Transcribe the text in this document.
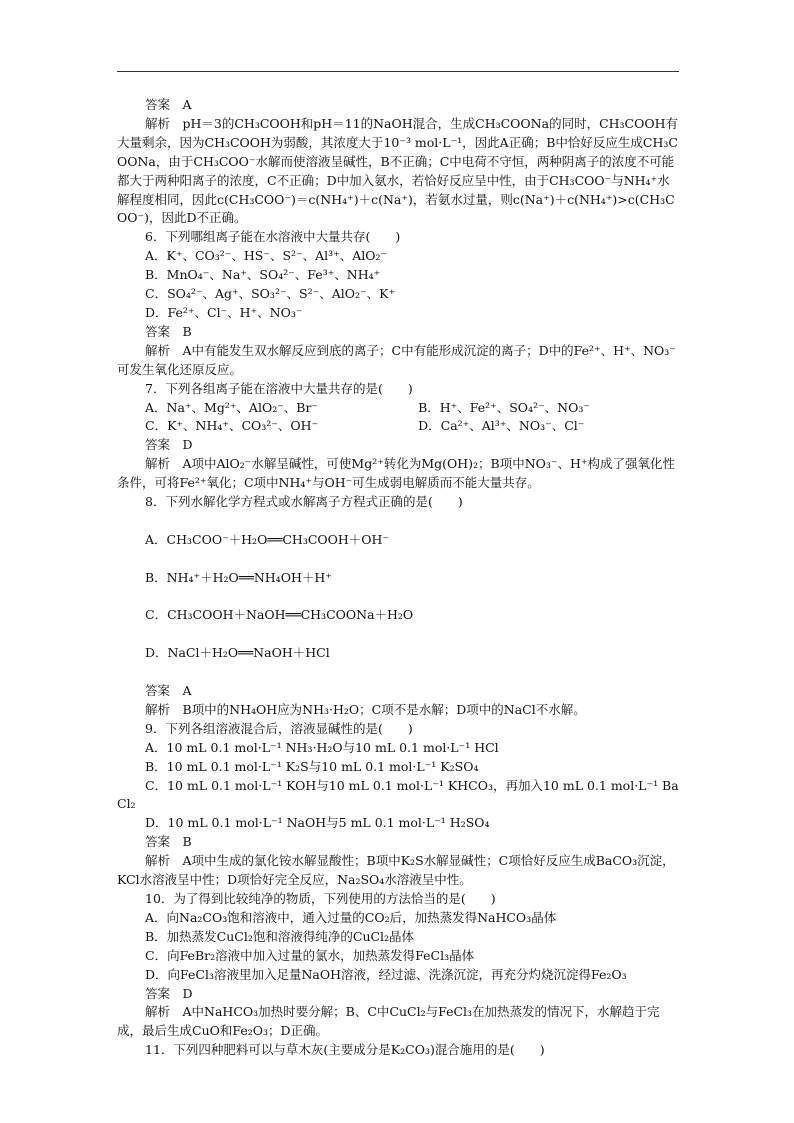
答案　A

解析　pH＝3的CH₃COOH和pH＝11的NaOH混合，生成CH₃COONa的同时，CH₃COOH有大量剩余，因为CH₃COOH为弱酸，其浓度大于10⁻³ mol·L⁻¹，因此A正确；B中恰好反应生成CH₃COONa，由于CH₃COO⁻水解而使溶液呈碱性，B不正确；C中电荷不守恒，两种阴离子的浓度不可能都大于两种阳离子的浓度，C不正确；D中加入氨水，若恰好反应呈中性，由于CH₃COO⁻与NH₄⁺水解程度相同，因此c(CH₃COO⁻)＝c(NH₄⁺)＋c(Na⁺)，若氨水过量，则c(Na⁺)＋c(NH₄⁺)>c(CH₃COO⁻)，因此D不正确。

6．下列哪组离子能在水溶液中大量共存(　　)

A．K⁺、CO₃²⁻、HS⁻、S²⁻、Al³⁺、AlO₂⁻

B．MnO₄⁻、Na⁺、SO₄²⁻、Fe³⁺、NH₄⁺

C．SO₄²⁻、Ag⁺、SO₃²⁻、S²⁻、AlO₂⁻、K⁺

D．Fe²⁺、Cl⁻、H⁺、NO₃⁻

答案　B

解析　A中有能发生双水解反应到底的离子；C中有能形成沉淀的离子；D中的Fe²⁺、H⁺、NO₃⁻可发生氧化还原反应。

7．下列各组离子能在溶液中大量共存的是(　　)

A．Na⁺、Mg²⁺、AlO₂⁻、Br⁻　　　　　　　　B．H⁺、Fe²⁺、SO₄²⁻、NO₃⁻

C．K⁺、NH₄⁺、CO₃²⁻、OH⁻　　　　　　　　D．Ca²⁺、Al³⁺、NO₃⁻、Cl⁻

答案　D

解析　A项中AlO₂⁻水解呈碱性，可使Mg²⁺转化为Mg(OH)₂；B项中NO₃⁻、H⁺构成了强氧化性条件，可将Fe²⁺氧化；C项中NH₄⁺与OH⁻可生成弱电解质而不能大量共存。

8．下列水解化学方程式或水解离子方程式正确的是(　　)

A．CH₃COO⁻＋H₂O══CH₃COOH＋OH⁻

B．NH₄⁺＋H₂O══NH₄OH＋H⁺

C．CH₃COOH＋NaOH══CH₃COONa＋H₂O

D．NaCl＋H₂O══NaOH＋HCl

答案　A

解析　B项中的NH₄OH应为NH₃·H₂O；C项不是水解；D项中的NaCl不水解。

9．下列各组溶液混合后，溶液显碱性的是(　　)

A．10 mL 0.1 mol·L⁻¹ NH₃·H₂O与10 mL 0.1 mol·L⁻¹ HCl

B．10 mL 0.1 mol·L⁻¹ K₂S与10 mL 0.1 mol·L⁻¹ K₂SO₄

C．10 mL 0.1 mol·L⁻¹ KOH与10 mL 0.1 mol·L⁻¹ KHCO₃，再加入10 mL 0.1 mol·L⁻¹ BaCl₂

D．10 mL 0.1 mol·L⁻¹ NaOH与5 mL 0.1 mol·L⁻¹ H₂SO₄

答案　B

解析　A项中生成的氯化铵水解显酸性；B项中K₂S水解显碱性；C项恰好反应生成BaCO₃沉淀，KCl水溶液呈中性；D项恰好完全反应，Na₂SO₄水溶液呈中性。

10．为了得到比较纯净的物质，下列使用的方法恰当的是(　　)

A．向Na₂CO₃饱和溶液中，通入过量的CO₂后，加热蒸发得NaHCO₃晶体

B．加热蒸发CuCl₂饱和溶液得纯净的CuCl₂晶体

C．向FeBr₂溶液中加入过量的氯水，加热蒸发得FeCl₃晶体

D．向FeCl₃溶液里加入足量NaOH溶液，经过滤、洗涤沉淀，再充分灼烧沉淀得Fe₂O₃

答案　D

解析　A中NaHCO₃加热时要分解；B、C中CuCl₂与FeCl₃在加热蒸发的情况下，水解趋于完成，最后生成CuO和Fe₂O₃；D正确。

11．下列四种肥料可以与草木灰(主要成分是K₂CO₃)混合施用的是(　　)
